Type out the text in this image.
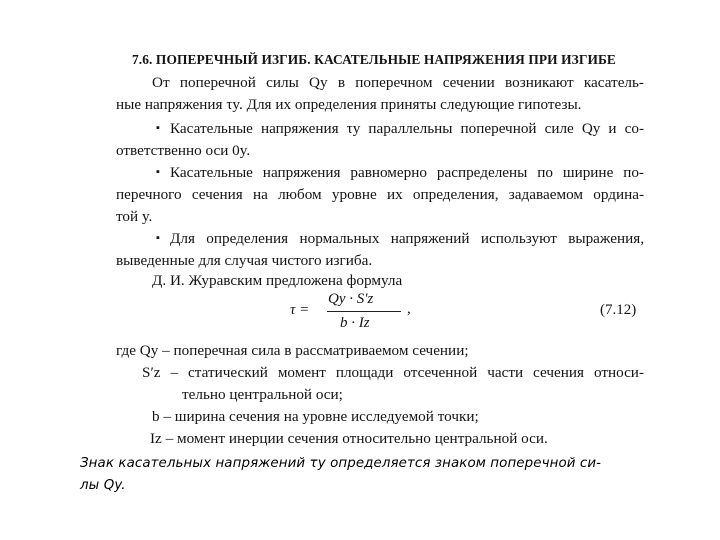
7.6. ПОПЕРЕЧНЫЙ ИЗГИБ. КАСАТЕЛЬНЫЕ НАПРЯЖЕНИЯ ПРИ ИЗГИБЕ
От поперечной силы Qy в поперечном сечении возникают касатель-
ные напряжения τy. Для их определения приняты следующие гипотезы.
▪ Касательные напряжения τy параллельны поперечной силе Qy и со-
ответственно оси 0y.
▪ Касательные напряжения равномерно распределены по ширине по-
перечного сечения на любом уровне их определения, задаваемом ордина-
той y.
▪ Для определения нормальных напряжений используют выражения,
выведенные для случая чистого изгиба.
Д. И. Журавским предложена формула
τ =
Qy · S′z
b · Iz
,	(7.12)
где Qy – поперечная сила в рассматриваемом сечении;
S′z – статический момент площади отсеченной части сечения относи-
тельно центральной оси;
b – ширина сечения на уровне исследуемой точки;
Iz – момент инерции сечения относительно центральной оси.
Знак касательных напряжений τy определяется знаком поперечной си-
лы Qy.
